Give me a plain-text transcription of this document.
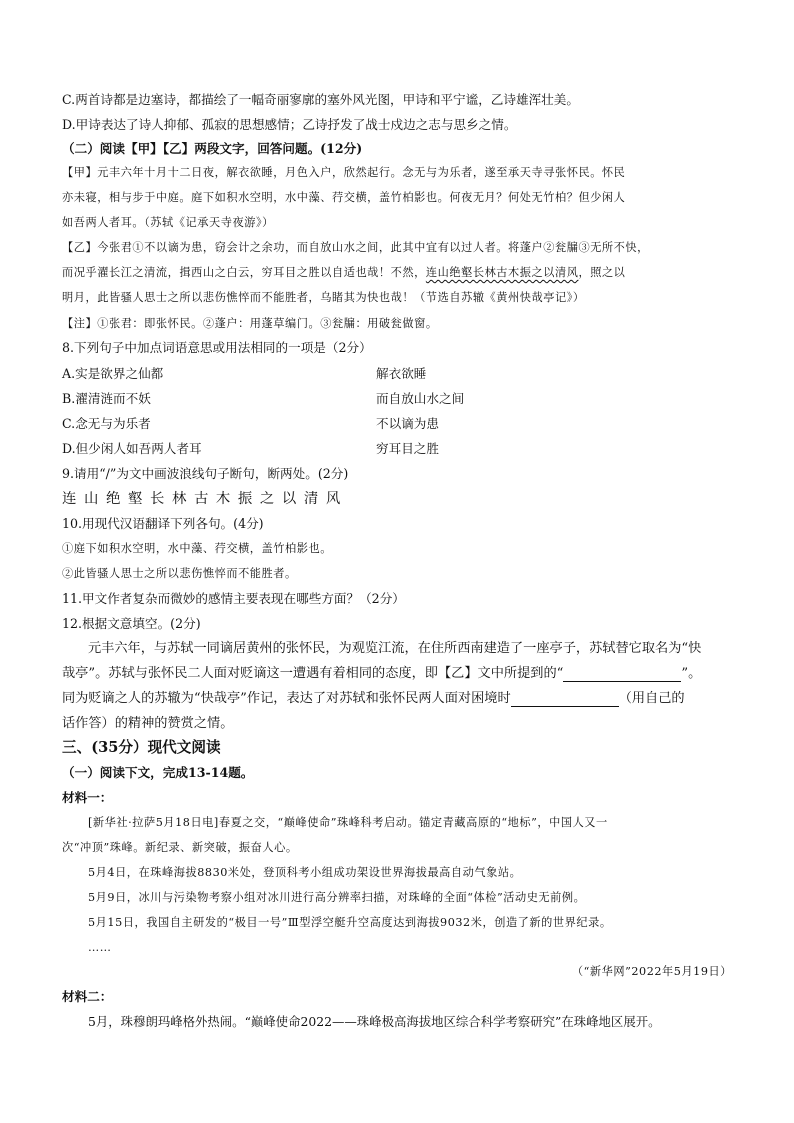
C.两首诗都是边塞诗，都描绘了一幅奇丽寥廓的塞外风光图，甲诗和平宁谧，乙诗雄浑壮美。
D.甲诗表达了诗人抑郁、孤寂的思想感情；乙诗抒发了战士戍边之志与思乡之情。
（二）阅读【甲】【乙】两段文字，回答问题。(12分)
【甲】元丰六年十月十二日夜，解衣欲睡，月色入户，欣然起行。念无与为乐者，遂至承天寺寻张怀民。怀民
亦未寝，相与步于中庭。庭下如积水空明，水中藻、荇交横，盖竹柏影也。何夜无月？何处无竹柏？但少闲人
如吾两人者耳。（苏轼《记承天寺夜游》）
【乙】今张君①不以谪为患，窃会计之余功，而自放山水之间，此其中宜有以过人者。将蓬户②瓮牖③无所不快，
而况乎濯长江之清流，揖西山之白云，穷耳目之胜以自适也哉！不然，连山绝壑长林古木振之以清风，照之以
明月，此皆骚人思士之所以悲伤憔悴而不能胜者，乌睹其为快也哉！（节选自苏辙《黄州快哉亭记》）
【注】①张君：即张怀民。②蓬户：用蓬草编门。③瓮牖：用破瓮做窗。
8.下列句子中加点词语意思或用法相同的一项是（2分）
A.实是欲界之仙都	解衣欲睡
B.濯清涟而不妖	而自放山水之间
C.念无与为乐者	不以谪为患
D.但少闲人如吾两人者耳	穷耳目之胜
9.请用“/”为文中画波浪线句子断句，断两处。(2分)
连山绝壑长林古木振之以清风
10.用现代汉语翻译下列各句。(4分)
①庭下如积水空明，水中藻、荇交横，盖竹柏影也。
②此皆骚人思士之所以悲伤憔悴而不能胜者。
11.甲文作者复杂而微妙的感情主要表现在哪些方面？（2分）
12.根据文意填空。(2分)
元丰六年，与苏轼一同谪居黄州的张怀民，为观览江流，在住所西南建造了一座亭子，苏轼替它取名为“快
哉亭”。苏轼与张怀民二人面对贬谪这一遭遇有着相同的态度，即【乙】文中所提到的“	”。
同为贬谪之人的苏辙为“快哉亭”作记，表达了对苏轼和张怀民两人面对困境时	（用自己的
话作答）的精神的赞赏之情。
三、(35分）现代文阅读
（一）阅读下文，完成13-14题。
材料一：
[新华社·拉萨5月18日电]春夏之交，“巅峰使命”珠峰科考启动。锚定青藏高原的“地标”，中国人又一
次“冲顶”珠峰。新纪录、新突破，振奋人心。
5月4日，在珠峰海拔8830米处，登顶科考小组成功架设世界海拔最高自动气象站。
5月9日，冰川与污染物考察小组对冰川进行高分辨率扫描，对珠峰的全面“体检”活动史无前例。
5月15日，我国自主研发的“极目一号”Ⅲ型浮空艇升空高度达到海拔9032米，创造了新的世界纪录。
……
（“新华网”2022年5月19日）
材料二：
5月，珠穆朗玛峰格外热闹。“巅峰使命2022——珠峰极高海拔地区综合科学考察研究”在珠峰地区展开。
